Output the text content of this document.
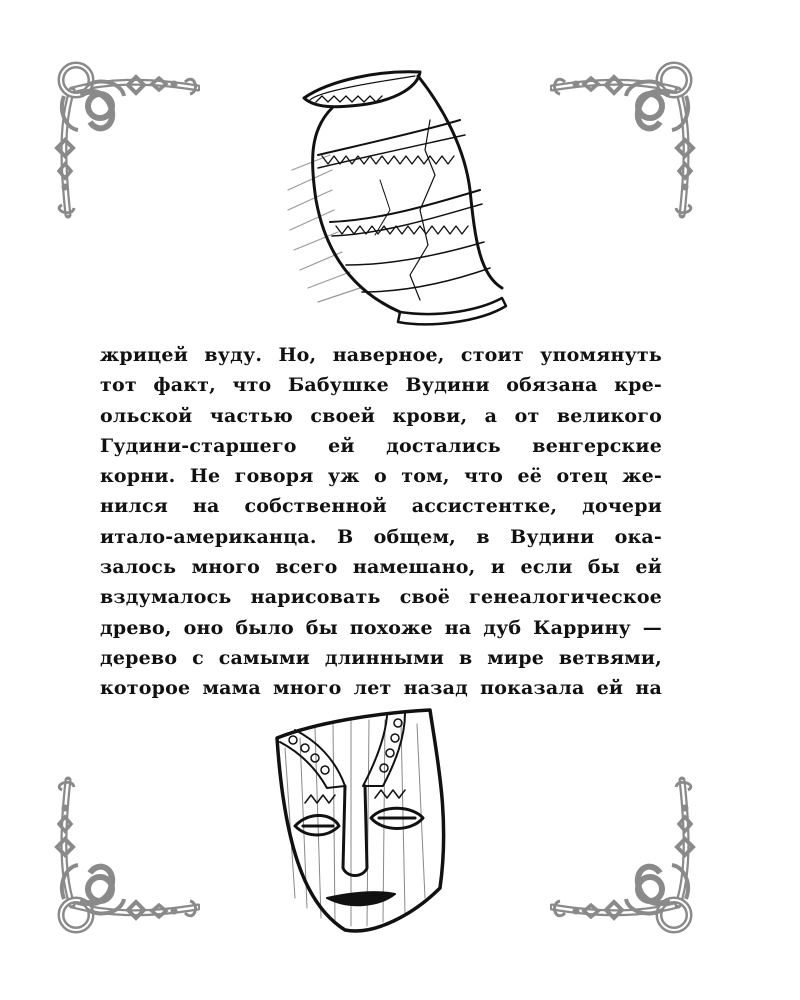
жрицей вуду. Но, наверное, стоит упомянуть
тот факт, что Бабушке Вудини обязана кре-
ольской частью своей крови, а от великого
Гудини-старшего ей достались венгерские
корни. Не говоря уж о том, что её отец же-
нился на собственной ассистентке, дочери
итало-американца. В общем, в Вудини ока-
залось много всего намешано, и если бы ей
вздумалось нарисовать своё генеалогическое
древо, оно было бы похоже на дуб Каррину —
дерево с самыми длинными в мире ветвями,
которое мама много лет назад показала ей на
